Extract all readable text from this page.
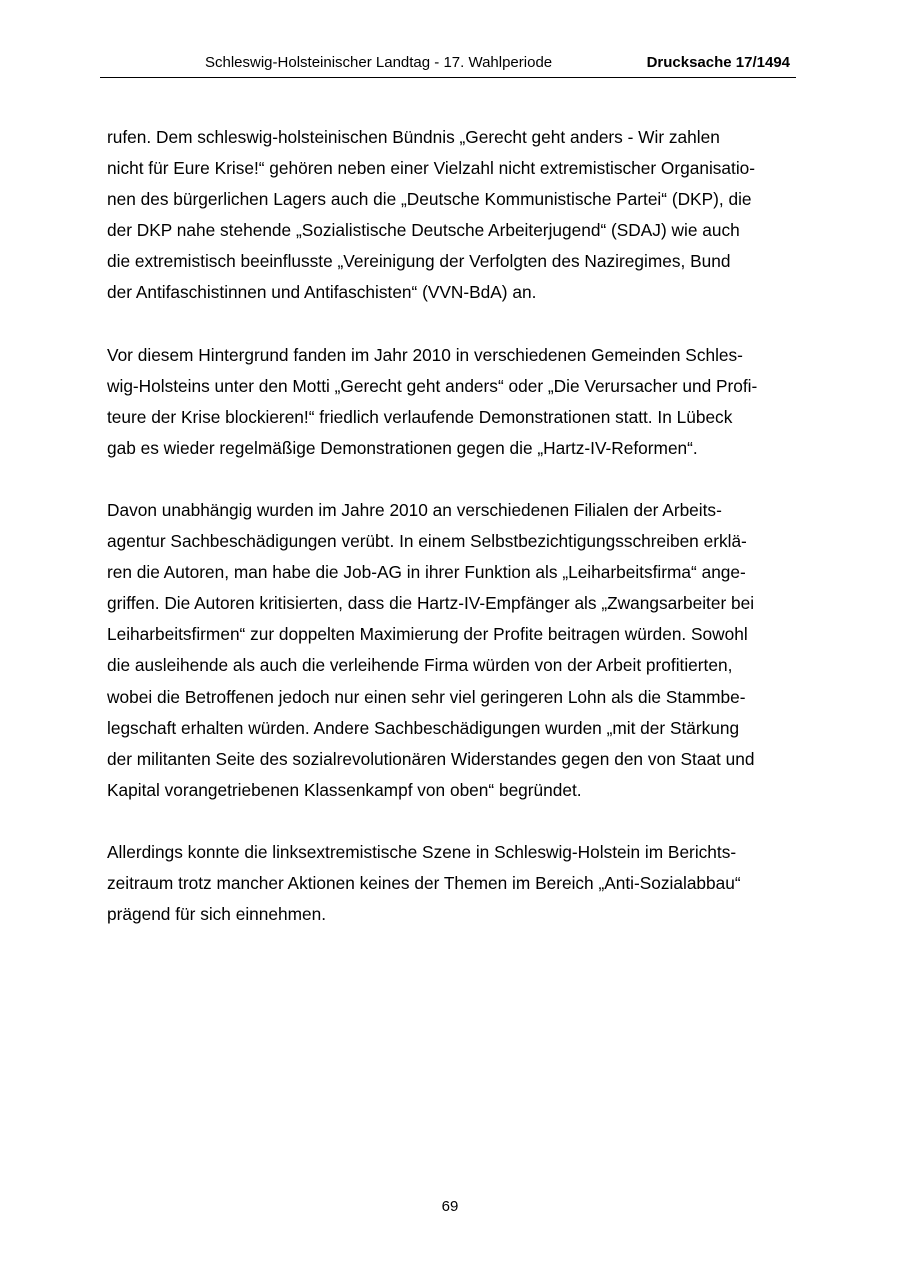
Schleswig-Holsteinischer Landtag - 17. Wahlperiode	Drucksache 17/1494

rufen. Dem schleswig-holsteinischen Bündnis „Gerecht geht anders - Wir zahlen
nicht für Eure Krise!“ gehören neben einer Vielzahl nicht extremistischer Organisatio-
nen des bürgerlichen Lagers auch die „Deutsche Kommunistische Partei“ (DKP), die
der DKP nahe stehende „Sozialistische Deutsche Arbeiterjugend“ (SDAJ) wie auch
die extremistisch beeinflusste „Vereinigung der Verfolgten des Naziregimes, Bund
der Antifaschistinnen und Antifaschisten“ (VVN-BdA) an.

Vor diesem Hintergrund fanden im Jahr 2010 in verschiedenen Gemeinden Schles-
wig-Holsteins unter den Motti „Gerecht geht anders“ oder „Die Verursacher und Profi-
teure der Krise blockieren!“ friedlich verlaufende Demonstrationen statt. In Lübeck
gab es wieder regelmäßige Demonstrationen gegen die „Hartz-IV-Reformen“.

Davon unabhängig wurden im Jahre 2010 an verschiedenen Filialen der Arbeits-
agentur Sachbeschädigungen verübt. In einem Selbstbezichtigungsschreiben erklä-
ren die Autoren, man habe die Job-AG in ihrer Funktion als „Leiharbeitsfirma“ ange-
griffen. Die Autoren kritisierten, dass die Hartz-IV-Empfänger als „Zwangsarbeiter bei
Leiharbeitsfirmen“ zur doppelten Maximierung der Profite beitragen würden. Sowohl
die ausleihende als auch die verleihende Firma würden von der Arbeit profitierten,
wobei die Betroffenen jedoch nur einen sehr viel geringeren Lohn als die Stammbe-
legschaft erhalten würden. Andere Sachbeschädigungen wurden „mit der Stärkung
der militanten Seite des sozialrevolutionären Widerstandes gegen den von Staat und
Kapital vorangetriebenen Klassenkampf von oben“ begründet.

Allerdings konnte die linksextremistische Szene in Schleswig-Holstein im Berichts-
zeitraum trotz mancher Aktionen keines der Themen im Bereich „Anti-Sozialabbau“
prägend für sich einnehmen.

69
